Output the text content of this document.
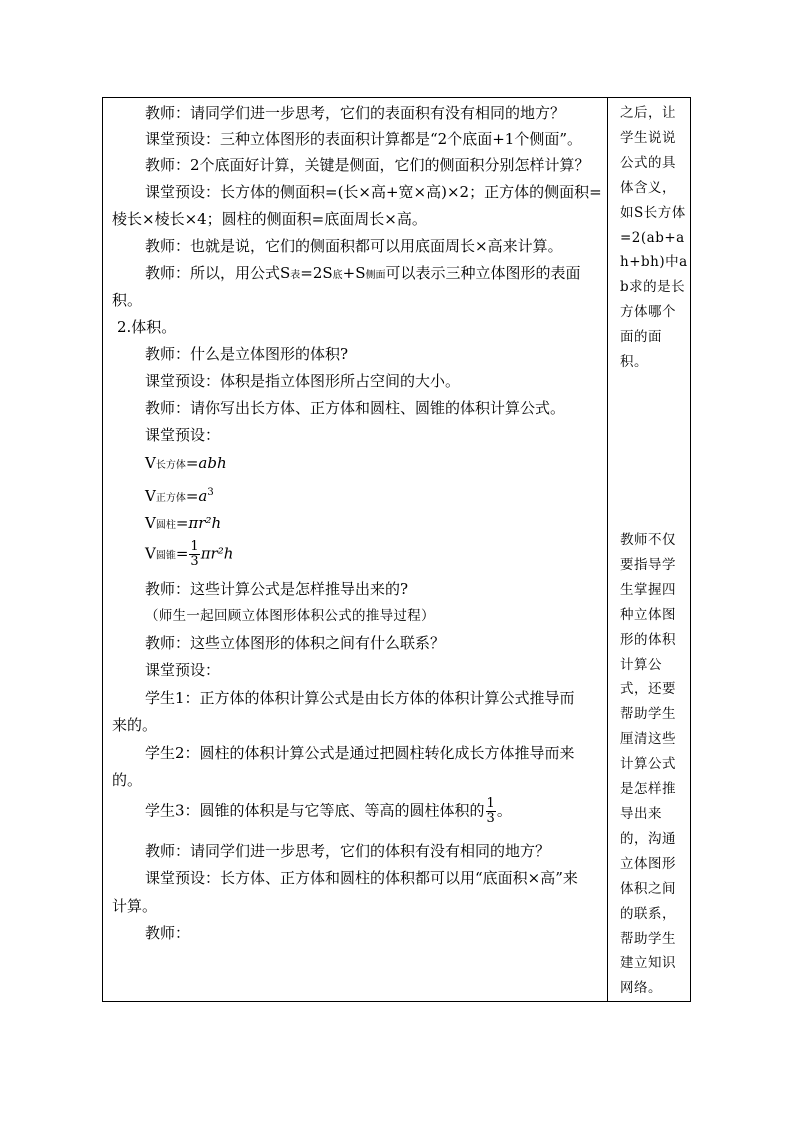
教师：请同学们进一步思考，它们的表面积有没有相同的地方？
课堂预设：三种立体图形的表面积计算都是“2个底面+1个侧面”。
教师：2个底面好计算，关键是侧面，它们的侧面积分别怎样计算？
课堂预设：长方体的侧面积=(长×高+宽×高)×2；正方体的侧面积=
棱长×棱长×4；圆柱的侧面积=底面周长×高。
教师：也就是说，它们的侧面积都可以用底面周长×高来计算。
教师：所以，用公式S表=2S底+S侧面可以表示三种立体图形的表面
积。
2.体积。
教师：什么是立体图形的体积?
课堂预设：体积是指立体图形所占空间的大小。
教师：请你写出长方体、正方体和圆柱、圆锥的体积计算公式。
课堂预设：
V长方体=abh
V正方体$=a^3$
V圆柱=πr²h
V圆锥= $\frac{1}{3} \pi r^2h$
教师：这些计算公式是怎样推导出来的?
（师生一起回顾立体图形体积公式的推导过程）
教师：这些立体图形的体积之间有什么联系？
课堂预设：
学生1：正方体的体积计算公式是由长方体的体积计算公式推导而
来的。
学生2：圆柱的体积计算公式是通过把圆柱转化成长方体推导而来
的。
学生3：圆锥的体积是与它等底、等高的圆柱体积的 $\frac{1}{3}$ 。
教师：请同学们进一步思考，它们的体积有没有相同的地方？
课堂预设：长方体、正方体和圆柱的体积都可以用“底面积×高”来
计算。
教师：
之后，让学生说说公式的具体含义，如S长方体=2(ab+ah+bh)中ab求的是长方体哪个面的面积。
教师不仅要指导学生掌握四种立体图形的体积计算公式，还要帮助学生厘清这些计算公式是怎样推导出来的，沟通立体图形体积之间的联系，帮助学生建立知识网络。
